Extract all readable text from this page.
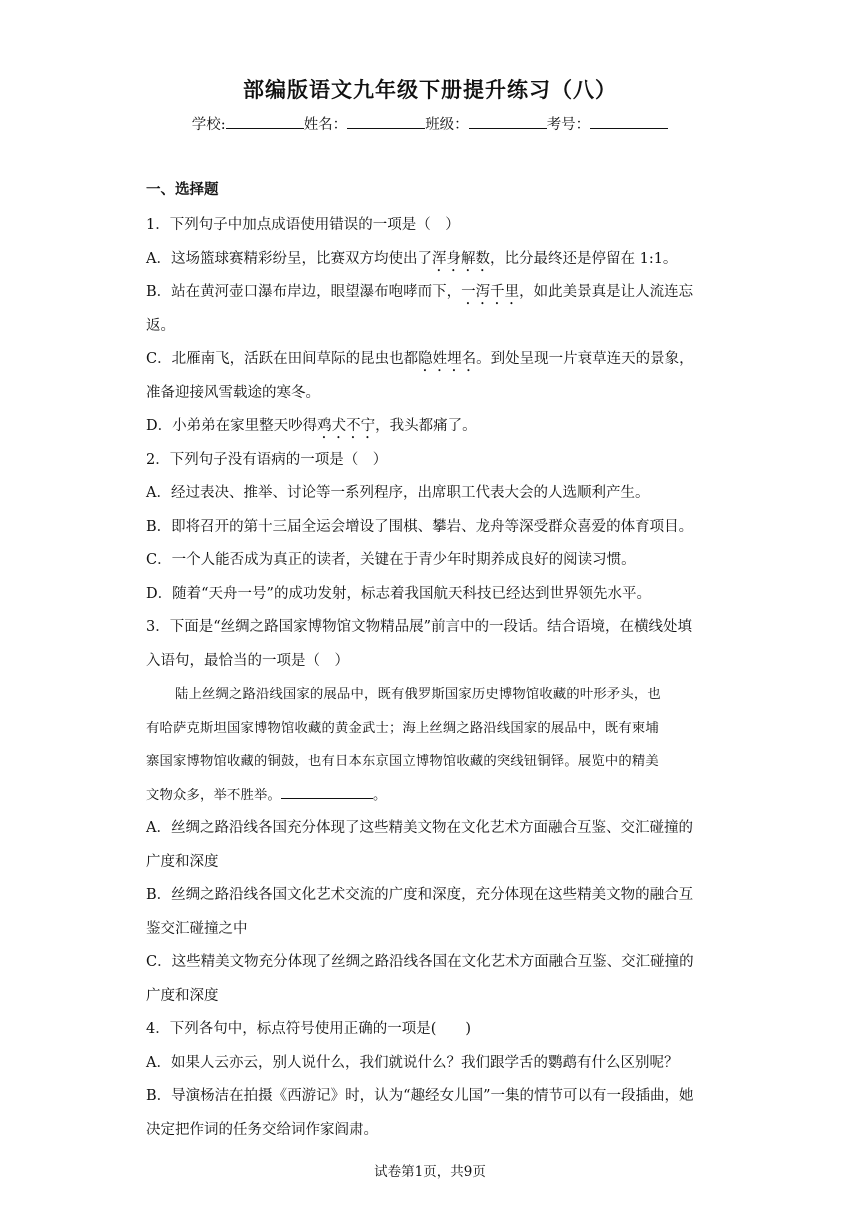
部编版语文九年级下册提升练习（八）
学校:	姓名：	班级：	考号：
一、选择题
1．下列句子中加点成语使用错误的一项是（　）
A．这场篮球赛精彩纷呈，比赛双方均使出了浑身解数，比分最终还是停留在 1:1。
B．站在黄河壶口瀑布岸边，眼望瀑布咆哮而下，一泻千里，如此美景真是让人流连忘
返。
C．北雁南飞，活跃在田间草际的昆虫也都隐姓埋名。到处呈现一片衰草连天的景象，
准备迎接风雪载途的寒冬。
D．小弟弟在家里整天吵得鸡犬不宁，我头都痛了。
2．下列句子没有语病的一项是（　）
A．经过表决、推举、讨论等一系列程序，出席职工代表大会的人选顺利产生。
B．即将召开的第十三届全运会增设了围棋、攀岩、龙舟等深受群众喜爱的体育项目。
C．一个人能否成为真正的读者，关键在于青少年时期养成良好的阅读习惯。
D．随着“天舟一号”的成功发射，标志着我国航天科技已经达到世界领先水平。
3．下面是“丝绸之路国家博物馆文物精品展”前言中的一段话。结合语境，在横线处填
入语句，最恰当的一项是（　）
陆上丝绸之路沿线国家的展品中，既有俄罗斯国家历史博物馆收藏的叶形矛头，也
有哈萨克斯坦国家博物馆收藏的黄金武士；海上丝绸之路沿线国家的展品中，既有柬埔
寨国家博物馆收藏的铜鼓，也有日本东京国立博物馆收藏的突线钮铜铎。展览中的精美
文物众多，举不胜举。	。
A．丝绸之路沿线各国充分体现了这些精美文物在文化艺术方面融合互鉴、交汇碰撞的
广度和深度
B．丝绸之路沿线各国文化艺术交流的广度和深度，充分体现在这些精美文物的融合互
鉴交汇碰撞之中
C．这些精美文物充分体现了丝绸之路沿线各国在文化艺术方面融合互鉴、交汇碰撞的
广度和深度
4．下列各句中，标点符号使用正确的一项是(　　)
A．如果人云亦云，别人说什么，我们就说什么？我们跟学舌的鹦鹉有什么区别呢？
B．导演杨洁在拍摄《西游记》时，认为“趣经女儿国”一集的情节可以有一段插曲，她
决定把作词的任务交给词作家阎肃。
试卷第1页，共9页
